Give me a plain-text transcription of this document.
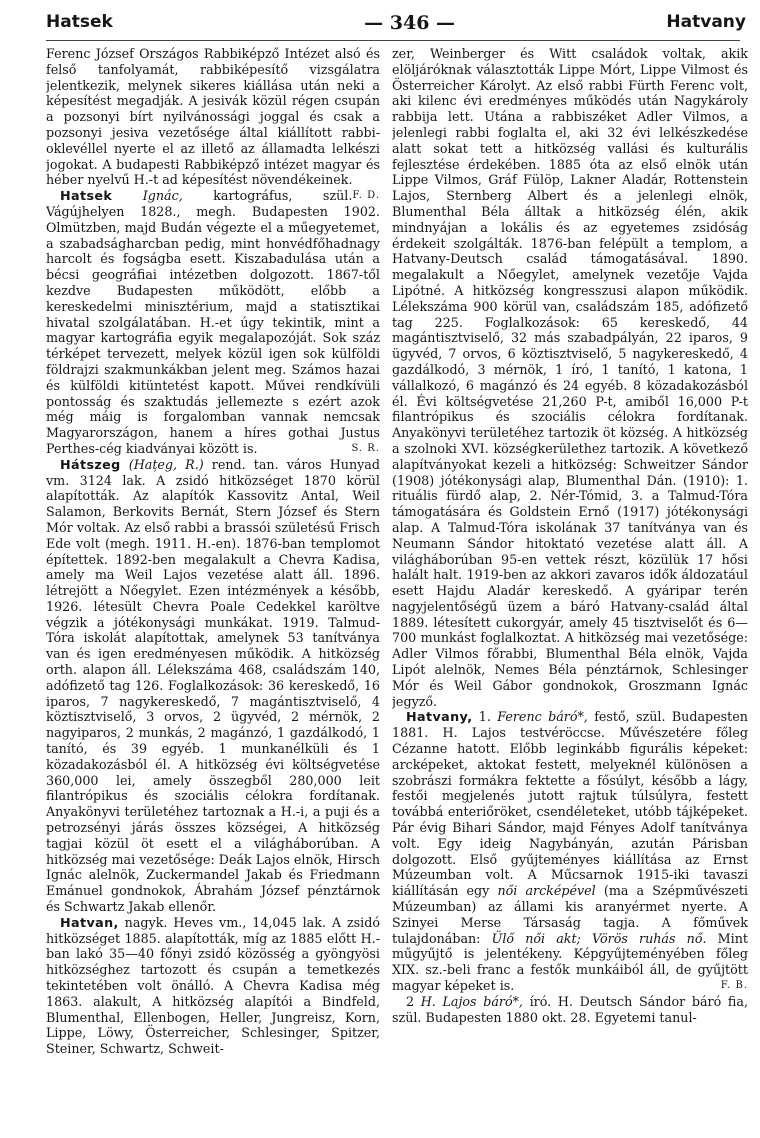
Hatsek	— 346 —	Hatvany

Ferenc József Országos Rabbiképző Intézet alsó és felső tanfolyamát, rabbiképesítő vizsgálatra jelentkezik, melynek sikeres kiállása után neki a képesítést megadják. A jesivák közül régen csupán a pozsonyi bírt nyilvánossági joggal és csak a pozsonyi jesiva vezetősége által kiállított rabbi-oklevéllel nyerte el az illető az államadta lelkészi jogokat. A budapesti Rabbiképző intézet magyar és héber nyelvű H.-t ad képesítést növendékeinek.
F. D.

Hatsek Ignác, kartográfus, szül. Vágújhelyen 1828., megh. Budapesten 1902. Olmützben, majd Budán végezte el a műegyetemet, a szabadságharcban pedig, mint honvédfőhadnagy harcolt és fogságba esett. Kiszabadulása után a bécsi geográfiai intézetben dolgozott. 1867-től kezdve Budapesten működött, előbb a kereskedelmi minisztérium, majd a statisztikai hivatal szolgálatában. H.-et úgy tekintik, mint a magyar kartográfia egyik megalapozóját. Sok száz térképet tervezett, melyek közül igen sok külföldi földrajzi szakmunkákban jelent meg. Számos hazai és külföldi kitüntetést kapott. Művei rendkívüli pontosság és szaktudás jellemezte s ezért azok még máig is forgalomban vannak nemcsak Magyarországon, hanem a híres gothai Justus Perthes-cég kiadványai között is.	S. R.

Hátszeg (Hațeg, R.) rend. tan. város Hunyad vm. 3124 lak. A zsidó hitközséget 1870 körül alapították. Az alapítók Kassovitz Antal, Weil Salamon, Berkovits Bernát, Stern József és Stern Mór voltak. Az első rabbi a brassói születésű Frisch Ede volt (megh. 1911. H.-en). 1876-ban templomot építettek. 1892-ben megalakult a Chevra Kadisa, amely ma Weil Lajos vezetése alatt áll. 1896. létrejött a Nőegylet. Ezen intézmények a később, 1926. létesült Chevra Poale Cedekkel karöltve végzik a jótékonysági munkákat. 1919. Talmud-Tóra iskolát alapítottak, amelynek 53 tanítványa van és igen eredményesen működik. A hitközség orth. alapon áll. Lélekszáma 468, családszám 140, adófizető tag 126. Foglalkozások: 36 kereskedő, 16 iparos, 7 nagykereskedő, 7 magántisztviselő, 4 köztisztviselő, 3 orvos, 2 ügyvéd, 2 mérnök, 2 nagyiparos, 2 munkás, 2 magánzó, 1 gazdálkodó, 1 tanító, és 39 egyéb. 1 munkanélküli és 1 közadakozásból él. A hitközség évi költségvetése 360,000 lei, amely összegből 280,000 leit filantrópikus és szociális célokra fordítanak. Anyakönyvi területéhez tartoznak a H.-i, a puji és a petrozsényi járás összes községei, A hitközség tagjai közül öt esett el a világháborúban. A hitközség mai vezetősége: Deák Lajos elnök, Hirsch Ignác alelnök, Zuckermandel Jakab és Friedmann Emánuel gondnokok, Ábrahám József pénztárnok és Schwartz Jakab ellenőr.

Hatvan, nagyk. Heves vm., 14,045 lak. A zsidó hitközséget 1885. alapították, míg az 1885 előtt H.-ban lakó 35—40 főnyi zsidó közösség a gyöngyösi hitközséghez tartozott és csupán a temetkezés tekintetében volt önálló. A Chevra Kadisa még 1863. alakult, A hitközség alapítói a Bindfeld, Blumenthal, Ellenbogen, Heller, Jungreisz, Korn, Lippe, Löwy, Österreicher, Schlesinger, Spitzer, Steiner, Schwartz, Schweit-

zer, Weinberger és Witt családok voltak, akik elöljáróknak választották Lippe Mórt, Lippe Vilmost és Österreicher Károlyt. Az első rabbi Fürth Ferenc volt, aki kilenc évi eredményes működés után Nagykároly rabbija lett. Utána a rabbiszéket Adler Vilmos, a jelenlegi rabbi foglalta el, aki 32 évi lelkészkedése alatt sokat tett a hitközség vallási és kulturális fejlesztése érdekében. 1885 óta az első elnök után Lippe Vilmos, Gráf Fülöp, Lakner Aladár, Rottenstein Lajos, Sternberg Albert és a jelenlegi elnök, Blumenthal Béla álltak a hitközség élén, akik mindnyájan a lokális és az egyetemes zsidóság érdekeit szolgálták. 1876-ban felépült a templom, a Hatvany-Deutsch család támogatásával. 1890. megalakult a Nőegylet, amelynek vezetője Vajda Lipótné. A hitközség kongresszusi alapon működik. Lélekszáma 900 körül van, családszám 185, adófizető tag 225. Foglalkozások: 65 kereskedő, 44 magántisztviselő, 32 más szabadpályán, 22 iparos, 9 ügyvéd, 7 orvos, 6 köztisztviselő, 5 nagykereskedő, 4 gazdálkodó, 3 mérnök, 1 író, 1 tanító, 1 katona, 1 vállalkozó, 6 magánzó és 24 egyéb. 8 közadakozásból él. Évi költségvetése 21,260 P-t, amiből 16,000 P-t filantrópikus és szociális célokra fordítanak. Anyakönyvi területéhez tartozik öt község. A hitközség a szolnoki XVI. községkerülethez tartozik. A következő alapítványokat kezeli a hitközség: Schweitzer Sándor (1908) jótékonysági alap, Blumenthal Dán. (1910): 1. rituális fürdő alap, 2. Nér-Tómid, 3. a Talmud-Tóra támogatására és Goldstein Ernő (1917) jótékonysági alap. A Talmud-Tóra iskolának 37 tanítványa van és Neumann Sándor hitoktató vezetése alatt áll. A világháborúban 95-en vettek részt, közülük 17 hősi halált halt. 1919-ben az akkori zavaros idők áldozatául esett Hajdu Aladár kereskedő. A gyáripar terén nagyjelentőségű üzem a báró Hatvany-család által 1889. létesített cukorgyár, amely 45 tisztviselőt és 6—700 munkást foglalkoztat. A hitközség mai vezetősége: Adler Vilmos főrabbi, Blumenthal Béla elnök, Vajda Lipót alelnök, Nemes Béla pénztárnok, Schlesinger Mór és Weil Gábor gondnokok, Groszmann Ignác jegyző.

Hatvany, 1. Ferenc báró*, festő, szül. Budapesten 1881. H. Lajos testvéröccse. Művészetére főleg Cézanne hatott. Előbb leginkább figurális képeket: arcképeket, aktokat festett, melyeknél különösen a szobrászi formákra fektette a fősúlyt, később a lágy, festői megjelenés jutott rajtuk túlsúlyra, festett továbbá enteriőröket, csendéleteket, utóbb tájképeket. Pár évig Bihari Sándor, majd Fényes Adolf tanítványa volt. Egy ideig Nagybányán, azután Párisban dolgozott. Első gyűjteményes kiállítása az Ernst Múzeumban volt. A Műcsarnok 1915-iki tavaszi kiállításán egy női arcképével (ma a Szépművészeti Múzeumban) az állami kis aranyérmet nyerte. A Szinyei Merse Társaság tagja. A főművek tulajdonában: Ülő női akt; Vörös ruhás nő. Mint műgyűjtő is jelentékeny. Képgyűjteményében főleg XIX. sz.-beli franc a festők munkáiból áll, de gyűjtött magyar képeket is.	F. B.

2 H. Lajos báró*, író. H. Deutsch Sándor báró fia, szül. Budapesten 1880 okt. 28. Egyetemi tanul-
